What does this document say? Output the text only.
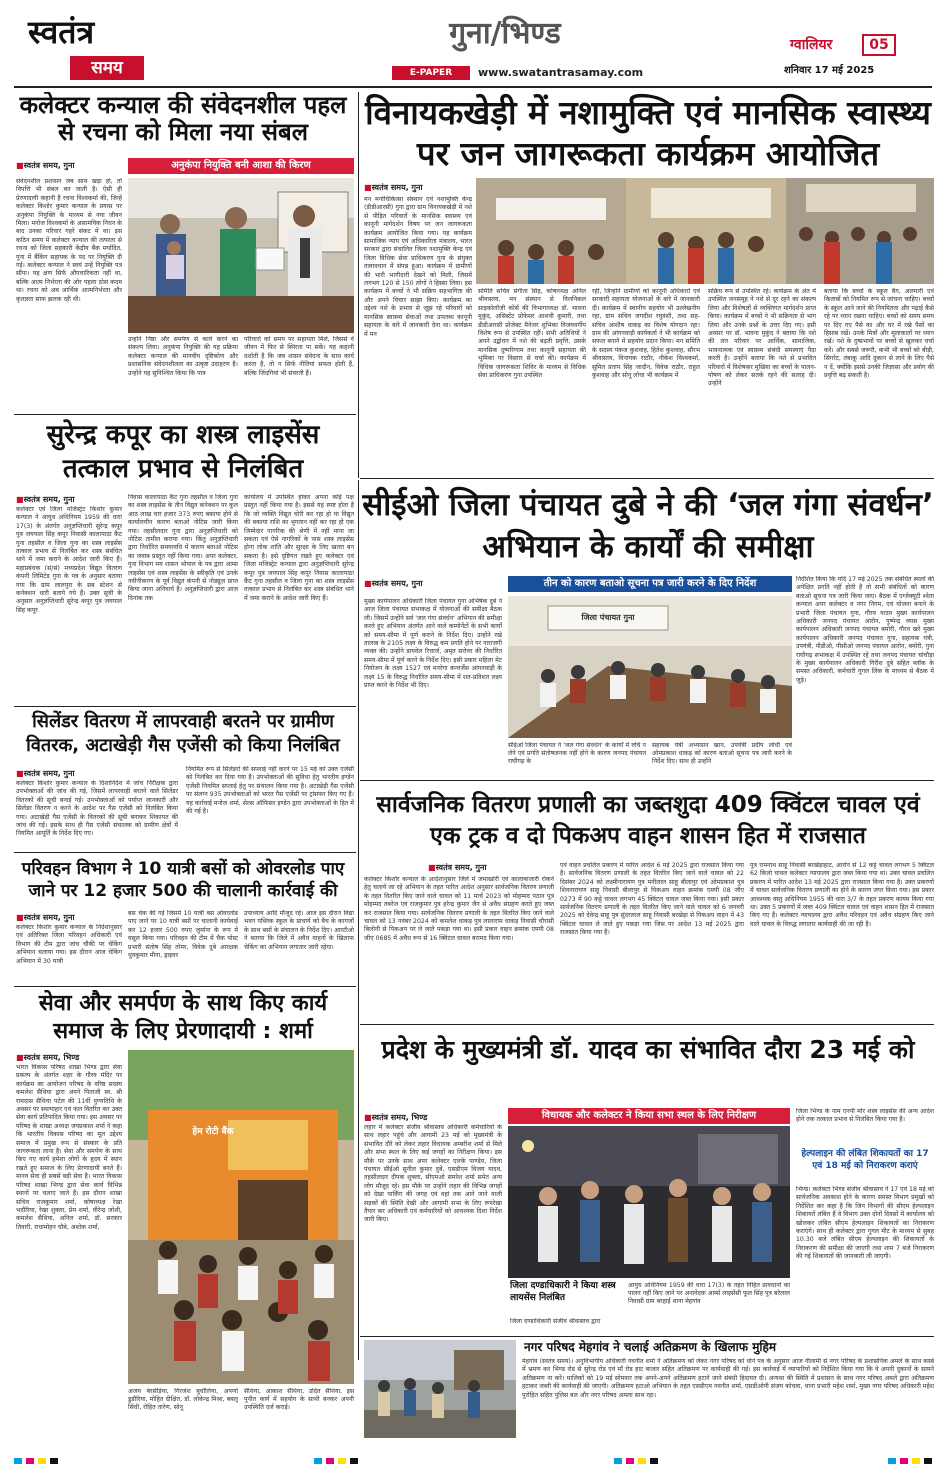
स्वतंत्र
समय
गुना/भिण्ड
E-PAPER	www.swatantrasamay.com
ग्वालियर	05
शनिवार 17 मई 2025
कलेक्टर कन्याल की संवेदनशील पहल से रचना को मिला नया संबल
■ स्वतंत्र समय, गुना	अनुकंपा नियुक्ति बनी आशा की किरण
संवेदनशील प्रशासन जब साथ खड़ा हो, तो विपत्ति भी संबल बन जाती है। ऐसी ही प्रेरणादायी कहानी है रचना विश्वकर्मा की, जिन्हें कलेक्टर किशोर कुमार कन्याल के प्रयास पर अनुकंपा नियुक्ति के माध्यम से नया जीवन मिला। मनोज विश्वकर्मा के असामयिक निधन के बाद उनका परिवार गहरे संकट में था। इस कठिन समय में कलेक्टर कन्याल की तत्परता से रचना को जिला सहकारी केंद्रीय बैंक मर्यादित, गुना में बैंकिंग सहायक के पद पर नियुक्ति दी गई। कलेक्टर कन्याल ने स्वयं उन्हें नियुक्ति पत्र सौंपा। यह क्षण सिर्फ औपचारिकता नहीं था, बल्कि आत्म निर्भरता की ओर पहला ठोस कदम था। रचना को अब आर्थिक आत्मनिर्भरता और कृतज्ञता साफ झलक रही थी।
उन्होंने निष्ठा और समर्पण से कार्य करने का संकल्प लिया। अनुकंपा नियुक्ति की यह प्रक्रिया कलेक्टर कन्याल की मानवीय दृष्टिकोण और प्रशासनिक संवेदनशीलता का उत्कृष्ट उदाहरण है। उन्होंने यह सुनिश्चित किया कि पात्र
परिवारों को समय पर सहायता मिले, जिससे वे जीवन में फिर से स्थिरता पा सकें। यह कहानी दर्शाती है कि जब शासन संवेदना के साथ कार्य करता है, तो न सिर्फ नीतियां सफल होती हैं, बल्कि जिंदगियां भी संवरती हैं।
विनायकखेड़ी में नशामुक्ति एवं मानसिक स्वास्थ्य पर जन जागरूकता कार्यक्रम आयोजित
■ स्वतंत्र समय, गुना
मन मनोचिकित्सा संस्थान एवं नशामुक्ति केन्द्र (डीडीआरसी) गुना द्वारा ग्राम विनायकखेड़ी में नशे से पीड़ित परिवारों के मानसिक स्वास्थ्य एवं कानूनी मार्गदर्शन विषय पर जन जागरूकता कार्यक्रम आयोजित किया गया। यह कार्यक्रम सामाजिक न्याय एवं अधिकारिता मंत्रालय, भारत सरकार द्वारा संचालित जिला नशामुक्ति केन्द्र एवं जिला विधिक सेवा प्राधिकरण गुना के संयुक्त तत्वावधान में संपन्न हुआ। कार्यक्रम में ग्रामीणों की भारी भागीदारी देखने को मिली, जिसमें लगभग 120 से 150 लोगों ने हिस्सा लिया। इस कार्यक्रम में बच्चों ने भी सक्रिय सहभागिता की और अपने विचार साझा किए। कार्यक्रम का उद्देश्य नशे के प्रभाव से जूझ रहे परिवारों को मानसिक स्वास्थ्य सेवाओं तथा उपलब्ध कानूनी सहायता के बारे में जानकारी देना था। कार्यक्रम में मन
समिति सचिव संगीता सिंह, कोषाध्यक्ष अनिल श्रीवास्तव, मन संस्थान से विलनिकल साइकोलॉजी कोर्स की विभागाध्यक्ष डॉ. भावना मुकुंद, असिस्टेंट प्रोफेसर आशवी कुमारी, तथा डीडीआरसी प्रोजेक्ट मैनेजर शुभिका विजयवर्गीय विशेष रूप से उपस्थित रहीं। सभी अतिथियों ने अपने उद्बोधन में नशे की बढ़ती प्रवृत्ति, उसके मानसिक दुष्परिणाम तथा कानूनी सहायता की भूमिका पर विस्तार से चर्चा की। कार्यक्रम में विधिक जागरूकता शिविर के माध्यम से विधिक सेवा प्राधिकरण गुना उपस्थित
रहीं, जिन्होंने ग्रामीणों को कानूनी अधिकारों एवं सरकारी सहायता योजनाओं के बारे में जानकारी दी। कार्यक्रम में स्थानीय सहयोग भी उल्लेखनीय रहा, ग्राम सचिव जगदीश रघुवंशी, तथा सह-सचिव आशीष धाकड़ का विशेष योगदान रहा। ग्राम की आंगनवाड़ी कार्यकर्ता ने भी कार्यक्रम को सफल बनाने में सहयोग प्रदान किया। मन समिति के सदस्य पंकज कुशवाह, हितेश कुशवाह, सौरभ श्रीवास्तव, विनायक राठौर, नीकेश विश्वकर्मा, सुमित प्रताप सिंह जादौन, विवेक राठौर, राहुल कुशवाह और सोनू लोधा भी कार्यक्रम में
सक्रिय रूप से उपस्थित रहे। कार्यक्रम के अंत में उपस्थित जनसमूह ने नशे से दूर रहने का संकल्प लिया और विशेषज्ञों से व्यक्तिगत मार्गदर्शन प्राप्त किया। कार्यक्रम में बच्चों ने भी सक्रियता से भाग लिया और उनके प्रश्नों के उत्तर दिए गए। इसी अवसर पर डॉ. भावना मुकुंद ने बताया कि नशे की लत परिवार पर आर्थिक, सामाजिक, भावनात्मक एवं स्वास्थ्य संबंधी समस्याएं पैदा करती है। उन्होंने बताया कि नशे से प्रभावित परिवारों में विशेषकर मुखिया का बच्चों के पालन-पोषण को लेकर सतर्क रहने की सलाह दी। उन्होंने
बताया कि बच्चों के स्कूल बैग, अलमारी एवं किताबों को नियमित रूप से जांचना चाहिए। बच्चों के स्कूल आने जाने की नियमितता और पढ़ाई कैसे रहे पर ध्यान रखना चाहिए। बच्चों को समय समय पर दिए गए पैसे का और घर में रखे पैसों का हिसाब रखें। उनके मित्रों और मुलाकातों पर ध्यान रखें। नशे के दुष्प्रभावों पर बच्चों से खुलकर चर्चा करें। और सबसे जरूरी, कभी भी बच्चों को बीड़ी, सिगरेट, तंबाकू आदि दुकान से लाने के लिए पैसे न दें, क्योंकि इससे उनकी जिज्ञासा और प्रयोग की प्रवृत्ति बढ़ सकती है।
सुरेन्द्र कपूर का शस्त्र लाइसेंस तत्काल प्रभाव से निलंबित
■ स्वतंत्र समय, गुना
कलेक्टर एवं जिला मजिस्ट्रेट किशोर कुमार कन्याल ने आयुध अधिनियम 1959 की धारा 17(3) के अंतर्गत अनुज्ञप्तिधारी सुरेन्द्र कपूर पुत्र जयपाल सिंह कपूर निवासी कालापाठा कैंट गुना तहसील व जिला गुना का शस्त्र लाइसेंस तत्काल प्रभाव से निलंबित कर शस्त्र संबंधित थाने में जमा कराने के आदेश जारी किए हैं। महाप्रबंधक (सं/सं) मध्यप्रदेश विद्युत वितरण कंपनी लिमिटेड गुना के पत्र के अनुसार बताया गया कि ग्राम लालपुरा के सब स्टेशन से कनेक्शन धारी बताये गये हैं। उक्त सूची के अनुसार अनुज्ञप्तिधारी सुरेन्द्र कपूर पुत्र जयपाल सिंह कपूर
निवास कालापाठा कैंट गुना तहसील व जिला गुना का शस्त्र लाइसेंस के तीन विद्युत कनेक्शन पर कुल आठ लाख चार हजार 373 रुपए बकाया होने से कार्यालयीन कारण बताओ नोटिस जारी किया गया। तहसीलदार गुना द्वारा अनुज्ञप्तिधारी को नोटिस तामील कराया गया। किंतु अनुज्ञप्तिधारी द्वारा निर्धारित समयावधि में कारण बताओ नोटिस का जवाब प्रस्तुत नहीं किया गया। अपर कलेक्टर, गुना विभाग मय शासन भोपाल के पत्र द्वारा आम्स लाइसेंस एवं शस्त्र लाइसेंस के स्वीकृति एवं उनके नवीनीकरण के पूर्व विद्युत कंपनी से नोड्यूज़ प्राप्त किया जाना अनिवार्य है। अनुज्ञप्तिधारी द्वारा आज दिनांक तक
कार्यालय में उपस्थित होकर अपना कोई पक्ष प्रस्तुत नहीं किया गया है। इससे यह स्पष्ट होता है कि जो व्यक्ति विद्युत चोरी कर रहा हो या विद्युत की बकाया राशि का भुगतान नहीं कर रहा हो एक जिम्मेदार नागरिक की श्रेणी में नहीं माना जा सकता एवं ऐसे नागरिकों के पास शस्त्र लाइसेंस होना लोक शांति और सुरक्षा के लिए खतरा बन सकता है। इसे दृष्टिगत रखते हुए कलेक्टर एवं जिला मजिस्ट्रेट कन्याल द्वारा अनुज्ञप्तिधारी सुरेन्द्र कपूर पुत्र जयपाल सिंह कपूर निवास कालापाठा कैंट गुना तहसील व जिला गुना का शस्त्र लाइसेंस तत्काल प्रभाव से निलंबित कर शस्त्र संबंधित थाने में जमा कराने के आदेश जारी किए हैं।
सीईओ जिला पंचायत दुबे ने की ‘जल गंगा संवर्धन’ अभियान के कार्यों की समीक्षा
■ स्वतंत्र समय, गुना	तीन को कारण बताओ सूचना पत्र जारी करने के दिए निर्देश
मुख्य कार्यपालन अधिकारी जिला पंचायत गुना अभिषेक दुबे ने आज जिला पंचायत सभाकक्ष में योजनाओं की समीक्षा बैठक ली। जिसमें उन्होंने सर्व 'जल गंगा संवर्धन' अभियान की समीक्षा करते हुए अभियान अंतर्गत आने वाले कम्पोनेंटों के सभी कार्यों को समय-सीमा में पूर्ण कराने के निर्देश दिए। उन्होंने रखे तालाब के 2105 लक्ष्य के विरुद्ध कम प्रगति होने पर नाराजगी व्यक्त की। उन्होंने डायवेल रिचार्ज, अमृत सरोवर की निर्धारित समय-सीमा में पूर्ण करने के निर्देश दिए। इसी प्रकार महिला मेट नियोजन के लक्ष्य 1527 एवं मनरेगा कन्वर्जेंस आंगनवाड़ी के लक्ष्य 15 के विरुद्ध निर्धारित समय-सीमा में शत-प्रतिशत लक्ष्य प्राप्त करने के निर्देश भी दिए।
जिला पंचायत गुना
सीईओ जिला पंचायत ने 'जल गंगा संवर्धन' के कार्यों में रुचि न लेने एवं प्रगति संतोषजनक नहीं होने के कारण जनपद पंचायत राघौगढ़ के
सहायक यंत्री अभ्यासन खान, उपयंत्री प्रदीप लोधी एवं ओमप्रकाश धाकड़ को कारण बताओ सूचना पत्र जारी करने के निर्देश दिए। साथ ही उन्होंने
निर्देशित किया कि यदि 17 मई 2025 तक संबंधित स्थलों की अपेक्षित प्रगति नहीं होती है तो सभी संबंधितों को कारण बताओ सूचना पत्र जारी किया जाए। बैठक में एग्जेक्यूटी श्वेता कन्याल अपर कलेक्टर व नगर निगम, एवं योजना बनाने के प्रभारी जिला पंचायत गुना, गौरव यादव मुख्य कार्यपालन अधिकारी जनपद पंचायत आरोन, पुष्पेन्द्र व्यास मुख्य कार्यपालन अधिकारी जनपद पंचायत बमोरी, गौरव खरे मुख्य कार्यपालन अधिकारी जनपद पंचायत गुना, सहायक यंत्री, उपयंत्री, पीडीओ, पीसीओ जनपद पंचायत आरोन, बमोरी, गुना राघौगढ़ सभाकक्ष में उपस्थित रहे तथा जनपद पंचायत चांचौड़ा के मुख्य कार्यपालन अधिकारी गिरीश दुबे सहित ब्लॉक के समस्त अधिकारी, कर्मचारी गूगल लिंक के माध्यम से बैठक में जुड़े।
सिलेंडर वितरण में लापरवाही बरतने पर ग्रामीण वितरक, अटाखेड़ी गैस एजेंसी को किया निलंबित
■ स्वतंत्र समय, गुना
कलेक्टर किशोर कुमार कन्याल के दिशानिर्देश में जांच निरीक्षक द्वारा उपभोक्ताओं की जांच की गई, जिसमें लापरवाही बरतने वाले सिलेंडर वितरकों की सूची बनाई गई। उपभोक्ताओं को पर्याप्त जानकारी और सिलेंडर वितरण न करने के आदेश पर गैस एजेंसी को निलंबित किया गया। अटाखेड़ी गैस एजेंसी के वितरकों की सूची बनाकर शिकायत की जांच की गई। इसके साथ ही गैस एजेंसी संचालक को ग्रामीण क्षेत्रों में नियमित आपूर्ति के निर्देश दिए गए।
नियमित रूप से सिलेंडरों की सप्लाई नहीं करने पर 15 मई को उक्त एजेंसी को निलंबित कर दिया गया है। उपभोक्ताओं की सुविधा हेतु भारतीय इण्डेन एजेंसी नियमित सप्लाई हेतु पर संचालन किया गया है। अटाखेड़ी गैस एजेंसी पर संलग्न 935 उपभोक्ताओं को भारत गैस एजेंसी पर ट्रांसफर किए गए हैं। यह कार्रवाई मनोज शर्मा, सेल्स ऑफिसर इण्डेन द्वारा उपभोक्ताओं के हित में की गई है।	सार्वजनिक वितरण प्रणाली का जब्तशुदा 409 क्विंटल चावल एवं एक ट्रक व दो पिकअप वाहन शासन हित में राजसात
■ स्वतंत्र समय, गुना
कलेक्टर किशोर कन्याल के आदेशानुसार जिले में जमाखोरी एवं कालाबाजारी रोकने हेतु चलाये जा रहे अभियान के तहत पारित आदेश अनुसार सार्वजनिक वितरण प्रणाली के तहत वितरित किए जाने वाले चावल को 11 मार्च 2023 को मोहम्मद पठान पुत्र मोहम्मद तबरेज एवं राजकुमार पुत्र हरेन्द्र कुमार जैन से अवैध संग्रहण करते हुए जब्त कर राजसात किया गया। सार्वजनिक वितरण प्रणाली के तहत वितरित किए जाने वाले चावल को 13 नवंबर 2024 को कमलेश धाकड़ पुत्र लालाराम धाकड़ निवासी चौरासी बिलोनी से पिकअप पर ले जाते पकड़ा गया था। इसी प्रकार वाहन क्रमांक एमपी 08 जीए 0685 में अवैध रूप से 16 क्विंटल चावल बरामद किया गया।
एवं वाहन प्रचलित प्रकरण में पारित आदेश 6 मई 2025 द्वारा राजसात किया गया है। सार्वजनिक वितरण प्रणाली के तहत वितरित किए जाने वाले चावल को 22 दिसंबर 2024 को लक्ष्मीनारायण पुत्र मनीलाल साहू बीलापुर एवं ओमप्रकाश पुत्र शिवनारायण साहू निवासी बीलापुर से पिकअप वाहन क्रमांक एमपी 08 जीए 0273 में 90 कट्टे चावल लगभग 45 क्विंटल चावल जब्त किया गया। इसी प्रकार सार्वजनिक वितरण प्रणाली के तहत वितरित किए जाने वाले चावल को 6 जनवरी 2025 को देवेन्द्र साहू पुत्र सुंदरलाल साहू निवासी बरखेड़ा से पिकअप वाहन में 43 क्विंटल चावल ले जाते हुए पकड़ा गया जिस पर आदेश 13 मई 2025 द्वारा राजसात किया गया है।
पुत्र रामनाथ साहू निवासी बरखेड़ाहाट, आरोन से 12 कट्टे चावल लगभग 5 क्विंटल 62 किलो चावल कलेक्टर न्यायालय द्वारा जब्त किया गया था। उक्त चावल प्रचलित प्रकरण में पारित आदेश 13 मई 2025 द्वारा राजसात किया गया है। उक्त प्रकरणों में चावल सार्वजनिक वितरण प्रणाली का होने के कारण जप्त किया गया। इस प्रकार आवश्यक वस्तु अधिनियम 1955 की धारा 3/7 के तहत प्रकरण कायम किया गया था। उक्त 5 प्रकरणों में जब्त 409 क्विंटल चावल एवं वाहन शासन हित में राजसात किए गए हैं। कलेक्टर न्यायालय द्वारा अवैध परिवहन एवं अवैध संग्रहण किए जाने वाले चावल के विरुद्ध लगातार कार्यवाही की जा रही है।
परिवहन विभाग ने 10 यात्री बसों को ओवरलोड पाए जाने पर 12 हजार 500 की चालानी कार्रवाई की
■ स्वतंत्र समय, गुना
कलेक्टर किशोर कुमार कन्याल के निर्देशानुसार एवं अतिरिक्त जिला परिवहन अधिकारी एवं विभाग की टीम द्वारा जांच चौकी पर चेकिंग अभियान चलाया गया। इस दौरान आज चेकिंग अभियान में 30 यात्री
बस चेक की गई जिसमें 10 यात्री बस ओवरलोड पाए जाने पर 10 यात्री बसों पर चालानी कार्यवाई कर 12 हजार 500 रुपए जुर्माना के रूप में वसूल किया गया। परिवहन की टीम में चैक पोस्ट प्रभारी संतोष सिंह तोमर, विवेक दुबे आरक्षक धुवकुमार मीना, ड्राइवर
उपाध्याय आदि मौजूद रहे। आज इस दौरान विद्या भवन पब्लिक स्कूल के प्राचार्य को बैच के कागजों के साथ बसों के संचालन के निर्देश दिए। आरटीओ ने बताया कि जिले में अवैध वाहनों के खिलाफ चेकिंग का अभियान लगातार जारी रहेगा।
सेवा और समर्पण के साथ किए कार्य समाज के लिए प्रेरणादायी : शर्मा
■ स्वतंत्र समय, भिण्ड
भारत विकास परिषद शाखा भिण्ड द्वारा सेवा प्रकल्प के अंतर्गत शहर के गौरव मंदिर पर कार्यक्रम का आयोजन परिषद के वरिष्ठ सदस्य कमलेश सैथिया द्वारा अपने पिताजी स्व. श्री रामदास सैथिया पटेल की 11वीं पुण्यतिथि के अवसर पर स्वल्पाहार एवं फल वितरित कर उक्त सेवा कार्य प्रतिपादित किया गया। इस अवसर पर परिषद के शाखा अध्यक्ष जयप्रकाश शर्मा ने कहा कि भारतीय विकास परिषद का मूल उद्देश्य समाज में प्रमुख रूप से संस्कार के प्रति जागरूकता लाना है। सेवा और समर्पण के साथ किए गए कार्य हमेशा लोगों के हृदय में स्थान रखते हुए समाज के लिए प्रेरणादायी बनते हैं। मानव सेवा ही सबसे बड़ी सेवा है। भारत विकास परिषद शाखा भिण्ड द्वारा सेवा कार्य विभिन्न स्थानों पर चलाए जाते हैं। इस दौरान शाखा सचिव राजकुमार शर्मा, कोषाध्यक्ष रेखा भदौरिया, रेखा शुक्ला, प्रेम शर्मा, वीरेन्द्र जोशी, कमलेश सैथिया, अनिल शर्मा, डॉ. सरकार तिवारी, राधामोहन चौबे, अशोक शर्मा,
हेम रोटी बैंक
अजय बेरसेड़िया, गिरजेश बुधौलिया, अपर्णा डुडौरिया, मोहित दीक्षित, डॉ. लोकेन्द्र मिश्रा, बबलू सिंधी, रोहित तारेण, सोनू
सैथिया, आकाश सैथिया, उदित सैथिया, इस पुनीत कार्य में सहयोग के साथी बनकर अपनी उपस्थिति दर्ज कराई।
प्रदेश के मुख्यमंत्री डॉ. यादव का संभावित दौरा 23 मई को
■ स्वतंत्र समय, भिण्ड	विधायक और कलेक्टर ने किया सभा स्थल के लिए निरीक्षण
लहार में कलेक्टर संजीव श्रीवास्तव अधिकारी कर्मचारियों के साथ लहार पहुंचे और आगामी 23 मई को मुख्यमंत्री के संभावित दौरे को लेकर लहार विधायक अम्बरीश शर्मा से मिले और सभा स्थल के लिए कई जगहों का निरीक्षण किया। इस मौके पर उनके साथ अपर कलेक्टर एलके पाण्डेय, जिला पंचायत सीईओ सुनील कुमार दुबे, एसडीएम विजय यादव, तहसीलदार दीपक शुक्ला, सीएमओ समरेश शर्मा समेत अन्य लोग मौजूद रहे। इस मौके पर उन्होंने लहार की विभिन्न जगहों को देखा पार्किंग की जगह एवं वहां तक आने जाने वाली सड़कों की स्थिति देखी और आगामी सभा के लिए रूपरेखा तैयार कर अधिकारी एवं कर्मचारियों को आवश्यक दिशा निर्देश जारी किए।
जिला दण्डाधिकारी ने किया शस्त्र लायसेंस निलंबित
जिला दण्डाधिकारी संजीव श्रीवास्तव द्वारा
आयुध अधिनियम 1959 की धारा 17(3) के तहत निहित प्रावधानों का पालन नहीं किए जाने पर अनावेदक आर्म्स लाइसेंसी फूल सिंह पुत्र बरेलाल निवासी ग्राम बरहाई थाना मेहगांव
जिला भिण्ड के नाम एनपी मोर शस्त्र लाइसेंस की अन्य आदेश होने तक तत्काल प्रभाव से निलंबित किया गया है।
हेल्पलाइन की लंबित शिकायतों का 17 एवं 18 मई को निराकरण कराएं
भिण्ड। कलेक्टर भिण्ड संजीव श्रीवास्तव ने 17 एवं 18 मई को सार्वजनिक अवकाश होने के कारण समस्त विभाग प्रमुखों को निर्देशित कर कहा है कि जिन विभागों की सीएम हेल्पलाइन शिकायतें लंबित हैं वे विभाग उक्त दोनों दिवसों में कार्यालय को खोलकर लंबित सीएम हेल्पलाइन शिकायतों का निराकरण कराएंगे। साथ ही कलेक्टर द्वारा गूगल मीट के माध्यम से सुबह 10.30 बजे लंबित सीएम हेल्पलाइन की शिकायतों के निराकरण की समीक्षा की जाएगी तथा शाम 7 बजे निराकरण की गई शिकायतों की जानकारी ली जाएगी।
नगर परिषद मेहगांव ने चलाई अतिक्रमण के खिलाफ मुहिम
मेहगांव (स्वतंत्र समय)। अनुविभागीय अधिकारी नवनीत शर्मा ने अतिक्रमण को लेकर नगर परिषद को धोने पत्र के अनुसार आज नीलामी से नगर परिषद के प्रशासनिक अमले के साथ कस्बे में भ्रमण कर भिण्ड रोड से सुरेन्द्र रोड एवं माँ रोड हाट बाजार सहित अतिक्रमण पर कार्यवाही की गई। इस कार्रवाई में व्यापारियों को निर्देशित किया गया कि वे अपनी दुकानों के सामने अतिक्रमण ना करें। मालिकों को 19 मई सोमवार तक अपने-अपने अतिक्रमण हटाने जाने संबंधी हिदायत दी। अन्यथा की स्थिति में प्रशासन के साथ नगर परिषद अमले द्वारा अतिक्रमण हटाकर जब्ती की कार्यवाही की जाएगी। अतिक्रमण हटाओ अभियान के तहत एसडीएम नवनीत शर्मा, एसडीओपी संजय कोचवा, थाना प्रभारी महेश शर्मा, मुख्य नगर परिषद अधिकारी महेश पुरोहित सहित पुलिस बल और नगर परिषद अमला साथ रहा।
